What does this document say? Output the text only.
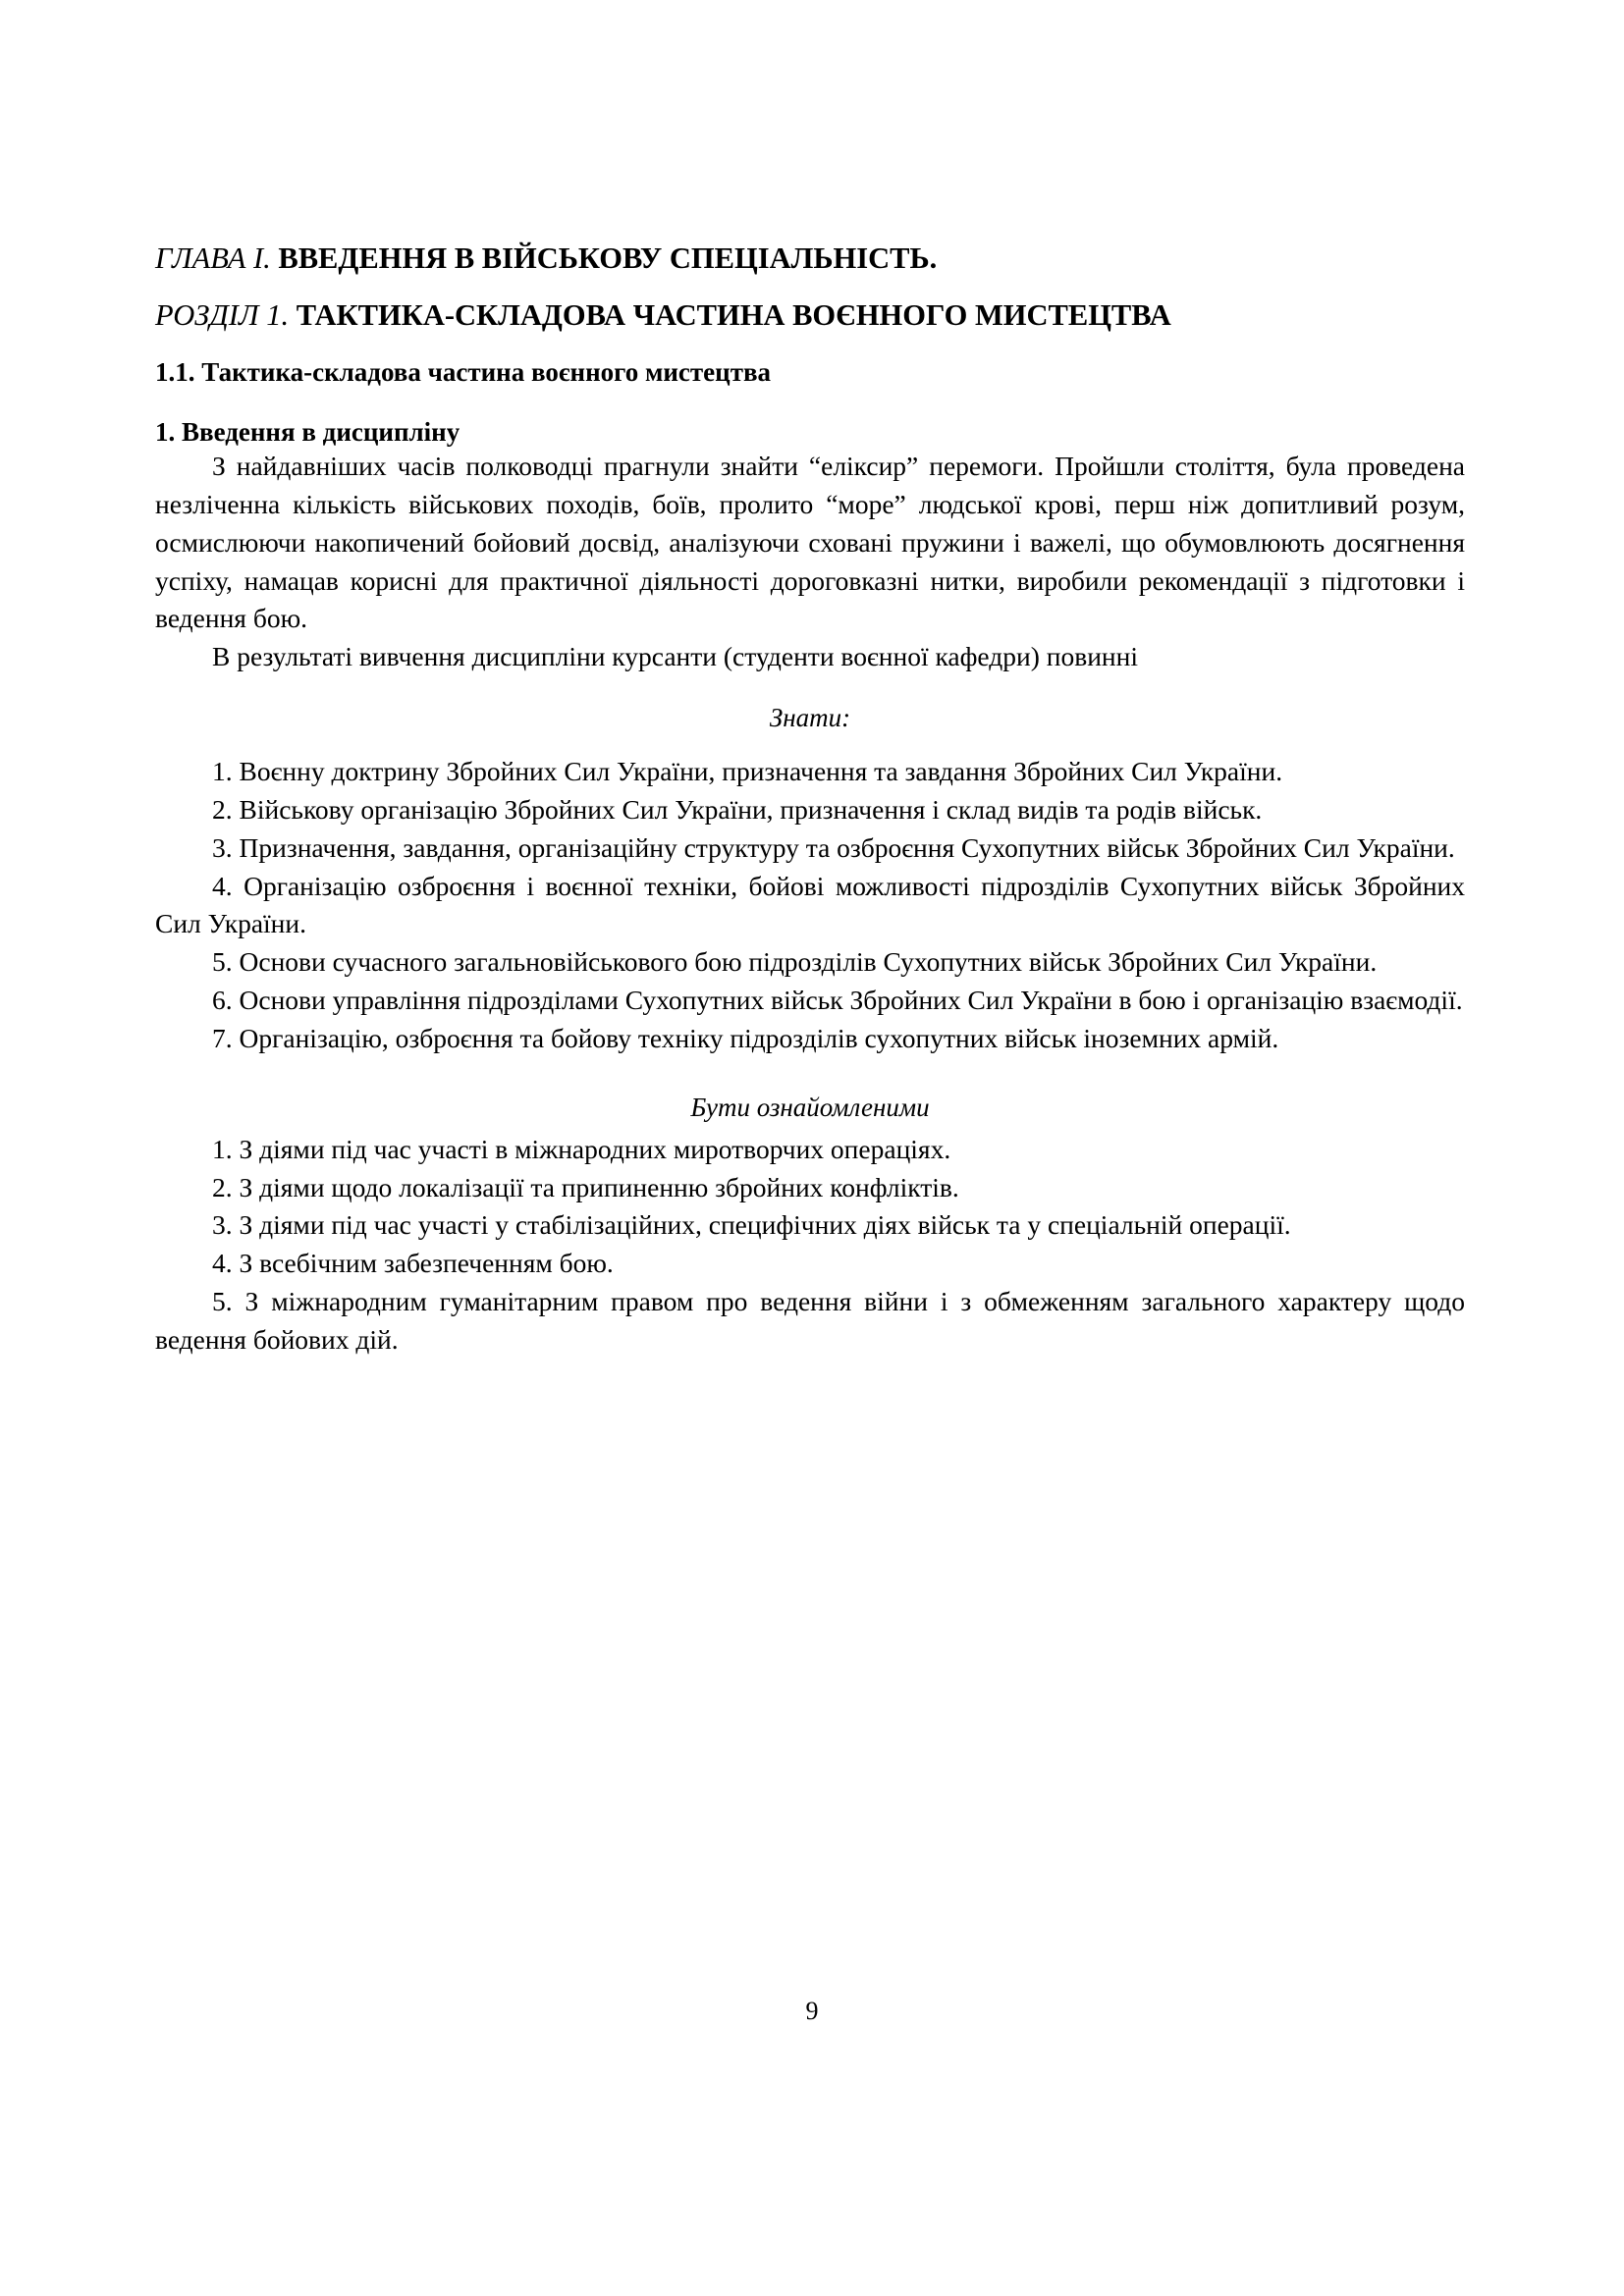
ГЛАВА I. ВВЕДЕННЯ В ВІЙСЬКОВУ СПЕЦІАЛЬНІСТЬ.
РОЗДІЛ 1. ТАКТИКА-СКЛАДОВА ЧАСТИНА ВОЄННОГО МИСТЕЦТВА
1.1. Тактика-складова частина воєнного мистецтва
1. Введення в дисципліну

З найдавніших часів полководці прагнули знайти “еліксир” перемоги. Пройшли століття, була проведена незліченна кількість військових походів, боїв, пролито “море” людської крові, перш ніж допитливий розум, осмислюючи накопичений бойовий досвід, аналізуючи сховані пружини і важелі, що обумовлюють досягнення успіху, намацав корисні для практичної діяльності дороговказні нитки, виробили рекомендації з підготовки і ведення бою.

В результаті вивчення дисципліни курсанти (студенти воєнної кафедри) повинні

Знати:

1. Воєнну доктрину Збройних Сил України, призначення та завдання Збройних Сил України.

2. Військову організацію Збройних Сил України, призначення і склад видів та родів військ.

3. Призначення, завдання, організаційну структуру та озброєння Сухопутних військ Збройних Сил України.

4. Організацію озброєння і воєнної техніки, бойові можливості підрозділів Сухопутних військ Збройних Сил України.

5. Основи сучасного загальновійськового бою підрозділів Сухопутних військ Збройних Сил України.

6. Основи управління підрозділами Сухопутних військ Збройних Сил України в бою і організацію взаємодії.

7. Організацію, озброєння та бойову техніку підрозділів сухопутних військ іноземних армій.

Бути ознайомленими

1. З діями під час участі в міжнародних миротворчих операціях.

2. З діями щодо локалізації та припиненню збройних конфліктів.

3. З діями під час участі у стабілізаційних, специфічних діях військ та у спеціальній операції.

4. З всебічним забезпеченням бою.

5. З міжнародним гуманітарним правом про ведення війни і з обмеженням загального характеру щодо ведення бойових дій.

9
